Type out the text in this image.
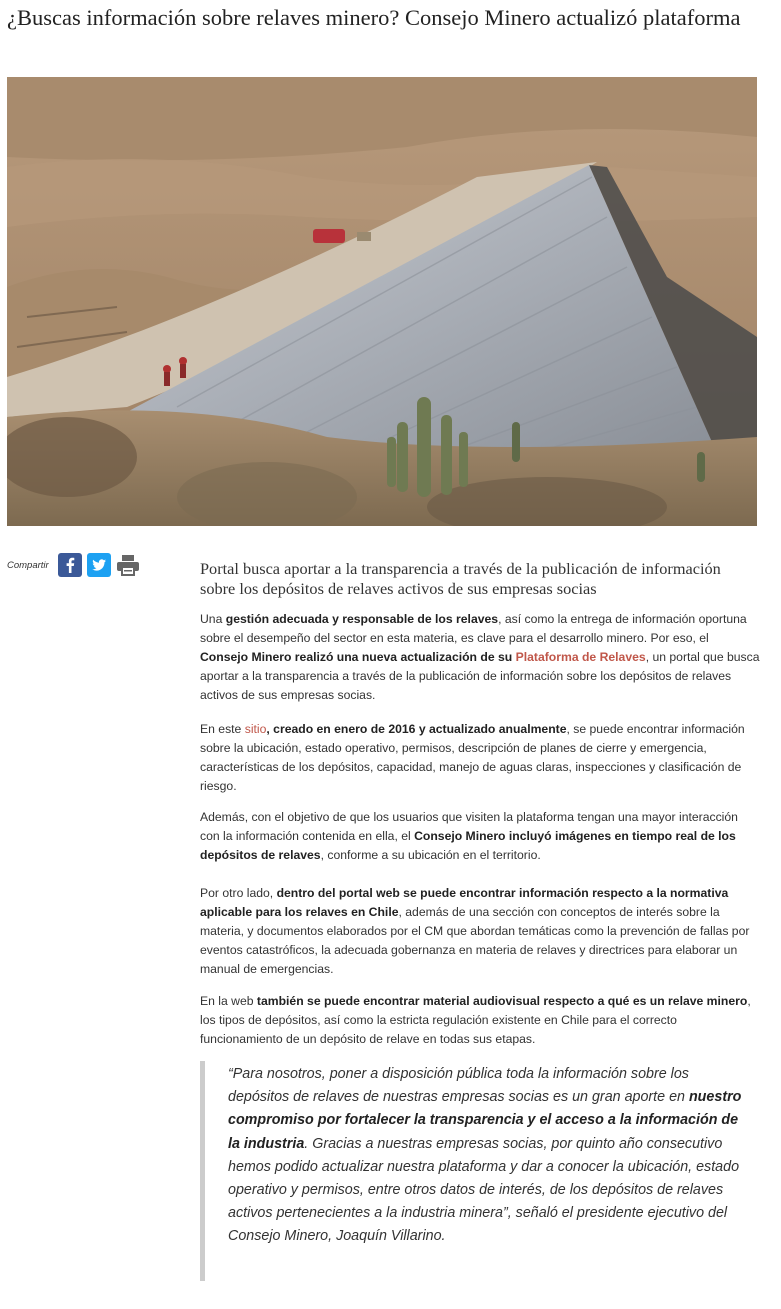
¿Buscas información sobre relaves minero? Consejo Minero actualizó plataforma
Compartir	Portal busca aportar a la transparencia a través de la publicación de información sobre los depósitos de relaves activos de sus empresas socias

Una gestión adecuada y responsable de los relaves, así como la entrega de información oportuna sobre el desempeño del sector en esta materia, es clave para el desarrollo minero. Por eso, el Consejo Minero realizó una nueva actualización de su Plataforma de Relaves, un portal que busca aportar a la transparencia a través de la publicación de información sobre los depósitos de relaves activos de sus empresas socias.

En este sitio, creado en enero de 2016 y actualizado anualmente, se puede encontrar información sobre la ubicación, estado operativo, permisos, descripción de planes de cierre y emergencia, características de los depósitos, capacidad, manejo de aguas claras, inspecciones y clasificación de riesgo.

Además, con el objetivo de que los usuarios que visiten la plataforma tengan una mayor interacción con la información contenida en ella, el Consejo Minero incluyó imágenes en tiempo real de los depósitos de relaves, conforme a su ubicación en el territorio.

Por otro lado, dentro del portal web se puede encontrar información respecto a la normativa aplicable para los relaves en Chile, además de una sección con conceptos de interés sobre la materia, y documentos elaborados por el CM que abordan temáticas como la prevención de fallas por eventos catastróficos, la adecuada gobernanza en materia de relaves y directrices para elaborar un manual de emergencias.

En la web también se puede encontrar material audiovisual respecto a qué es un relave minero, los tipos de depósitos, así como la estricta regulación existente en Chile para el correcto funcionamiento de un depósito de relave en todas sus etapas.

“Para nosotros, poner a disposición pública toda la información sobre los depósitos de relaves de nuestras empresas socias es un gran aporte en nuestro compromiso por fortalecer la transparencia y el acceso a la información de la industria. Gracias a nuestras empresas socias, por quinto año consecutivo hemos podido actualizar nuestra plataforma y dar a conocer la ubicación, estado operativo y permisos, entre otros datos de interés, de los depósitos de relaves activos pertenecientes a la industria minera”, señaló el presidente ejecutivo del Consejo Minero, Joaquín Villarino.
